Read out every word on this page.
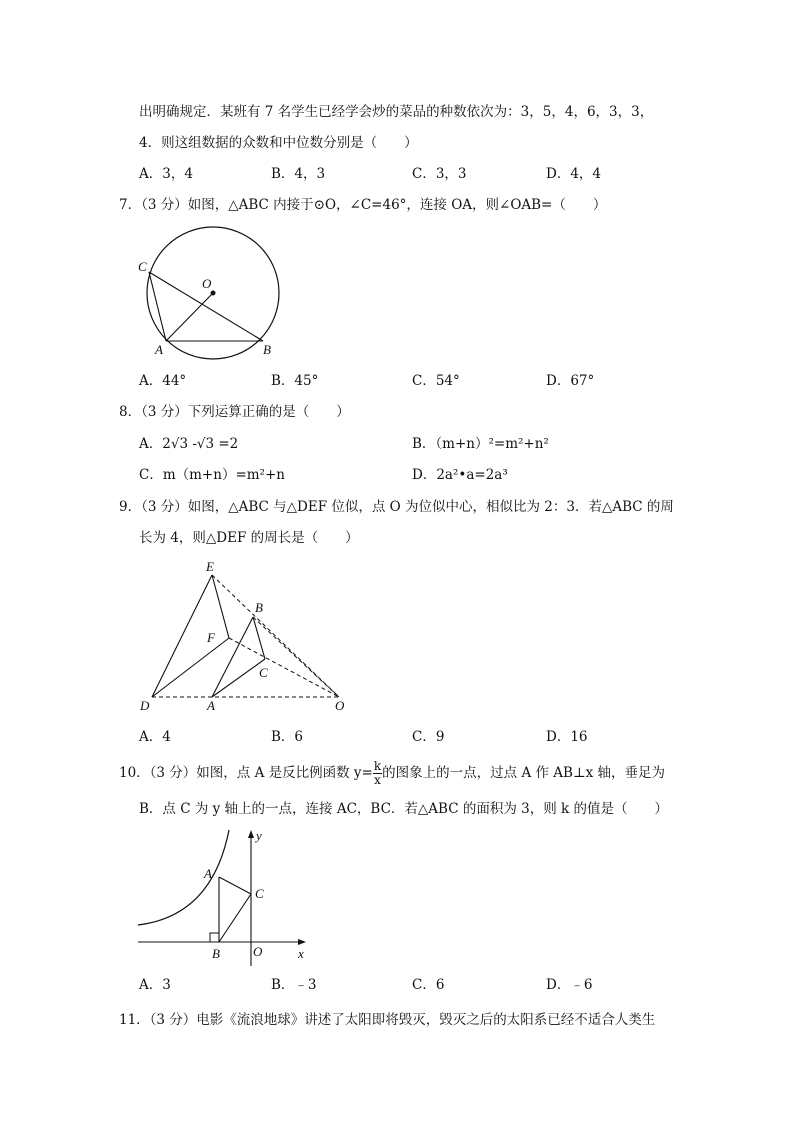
出明确规定．某班有 7 名学生已经学会炒的菜品的种数依次为：3，5，4，6，3，3，
4．则这组数据的众数和中位数分别是（　　）
A．3，4	B．4，3	C．3，3	D．4，4
7．（3 分）如图，△ABC 内接于⊙O，∠C=46°，连接 OA，则∠OAB=（　　）
C
O
A	B
A．44°	B．45°	C．54°	D．67°
8．（3 分）下列运算正确的是（　　）
A．2√3 -√3 =2	B．（m+n）²=m²+n²
C．m（m+n）=m²+n	D．2a²•a=2a³
9．（3 分）如图，△ABC 与△DEF 位似，点 O 为位似中心，相似比为 2：3．若△ABC 的周
长为 4，则△DEF 的周长是（　　）
E
B
F
C
D	A	O
A．4	B．6	C．9	D．16
10．（3 分）如图，点 A 是反比例函数 $y= \frac{k}{x}$ 的图象上的一点，过点 A 作 AB⊥x 轴，垂足为
B．点 C 为 y 轴上的一点，连接 AC，BC．若△ABC 的面积为 3，则 k 的值是（　　）
y
A
C
B	O	x
A．3	B．﹣3	C．6	D．﹣6
11．（3 分）电影《流浪地球》讲述了太阳即将毁灭，毁灭之后的太阳系已经不适合人类生
